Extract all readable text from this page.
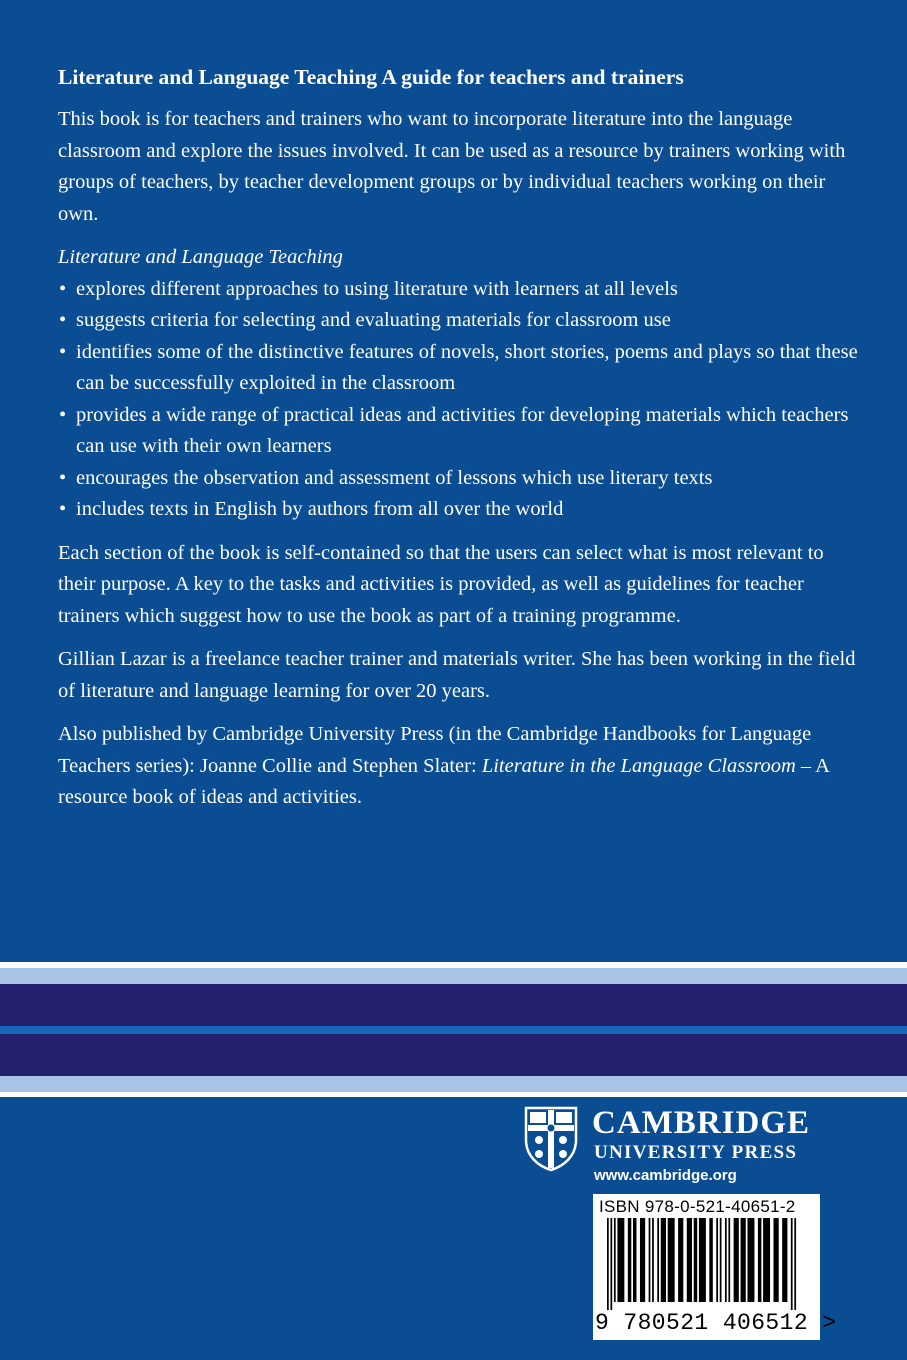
Literature and Language Teaching A guide for teachers and trainers

This book is for teachers and trainers who want to incorporate literature into the language classroom and explore the issues involved. It can be used as a resource by trainers working with groups of teachers, by teacher development groups or by individual teachers working on their own.

Literature and Language Teaching
• explores different approaches to using literature with learners at all levels
• suggests criteria for selecting and evaluating materials for classroom use
• identifies some of the distinctive features of novels, short stories, poems and plays so that these can be successfully exploited in the classroom
• provides a wide range of practical ideas and activities for developing materials which teachers can use with their own learners
• encourages the observation and assessment of lessons which use literary texts
• includes texts in English by authors from all over the world

Each section of the book is self-contained so that the users can select what is most relevant to their purpose. A key to the tasks and activities is provided, as well as guidelines for teacher trainers which suggest how to use the book as part of a training programme.

Gillian Lazar is a freelance teacher trainer and materials writer. She has been working in the field of literature and language learning for over 20 years.

Also published by Cambridge University Press (in the Cambridge Handbooks for Language Teachers series): Joanne Collie and Stephen Slater: Literature in the Language Classroom – A resource book of ideas and activities.

CAMBRIDGE
UNIVERSITY PRESS
www.cambridge.org
ISBN 978-0-521-40651-2
9 780521 406512 >
